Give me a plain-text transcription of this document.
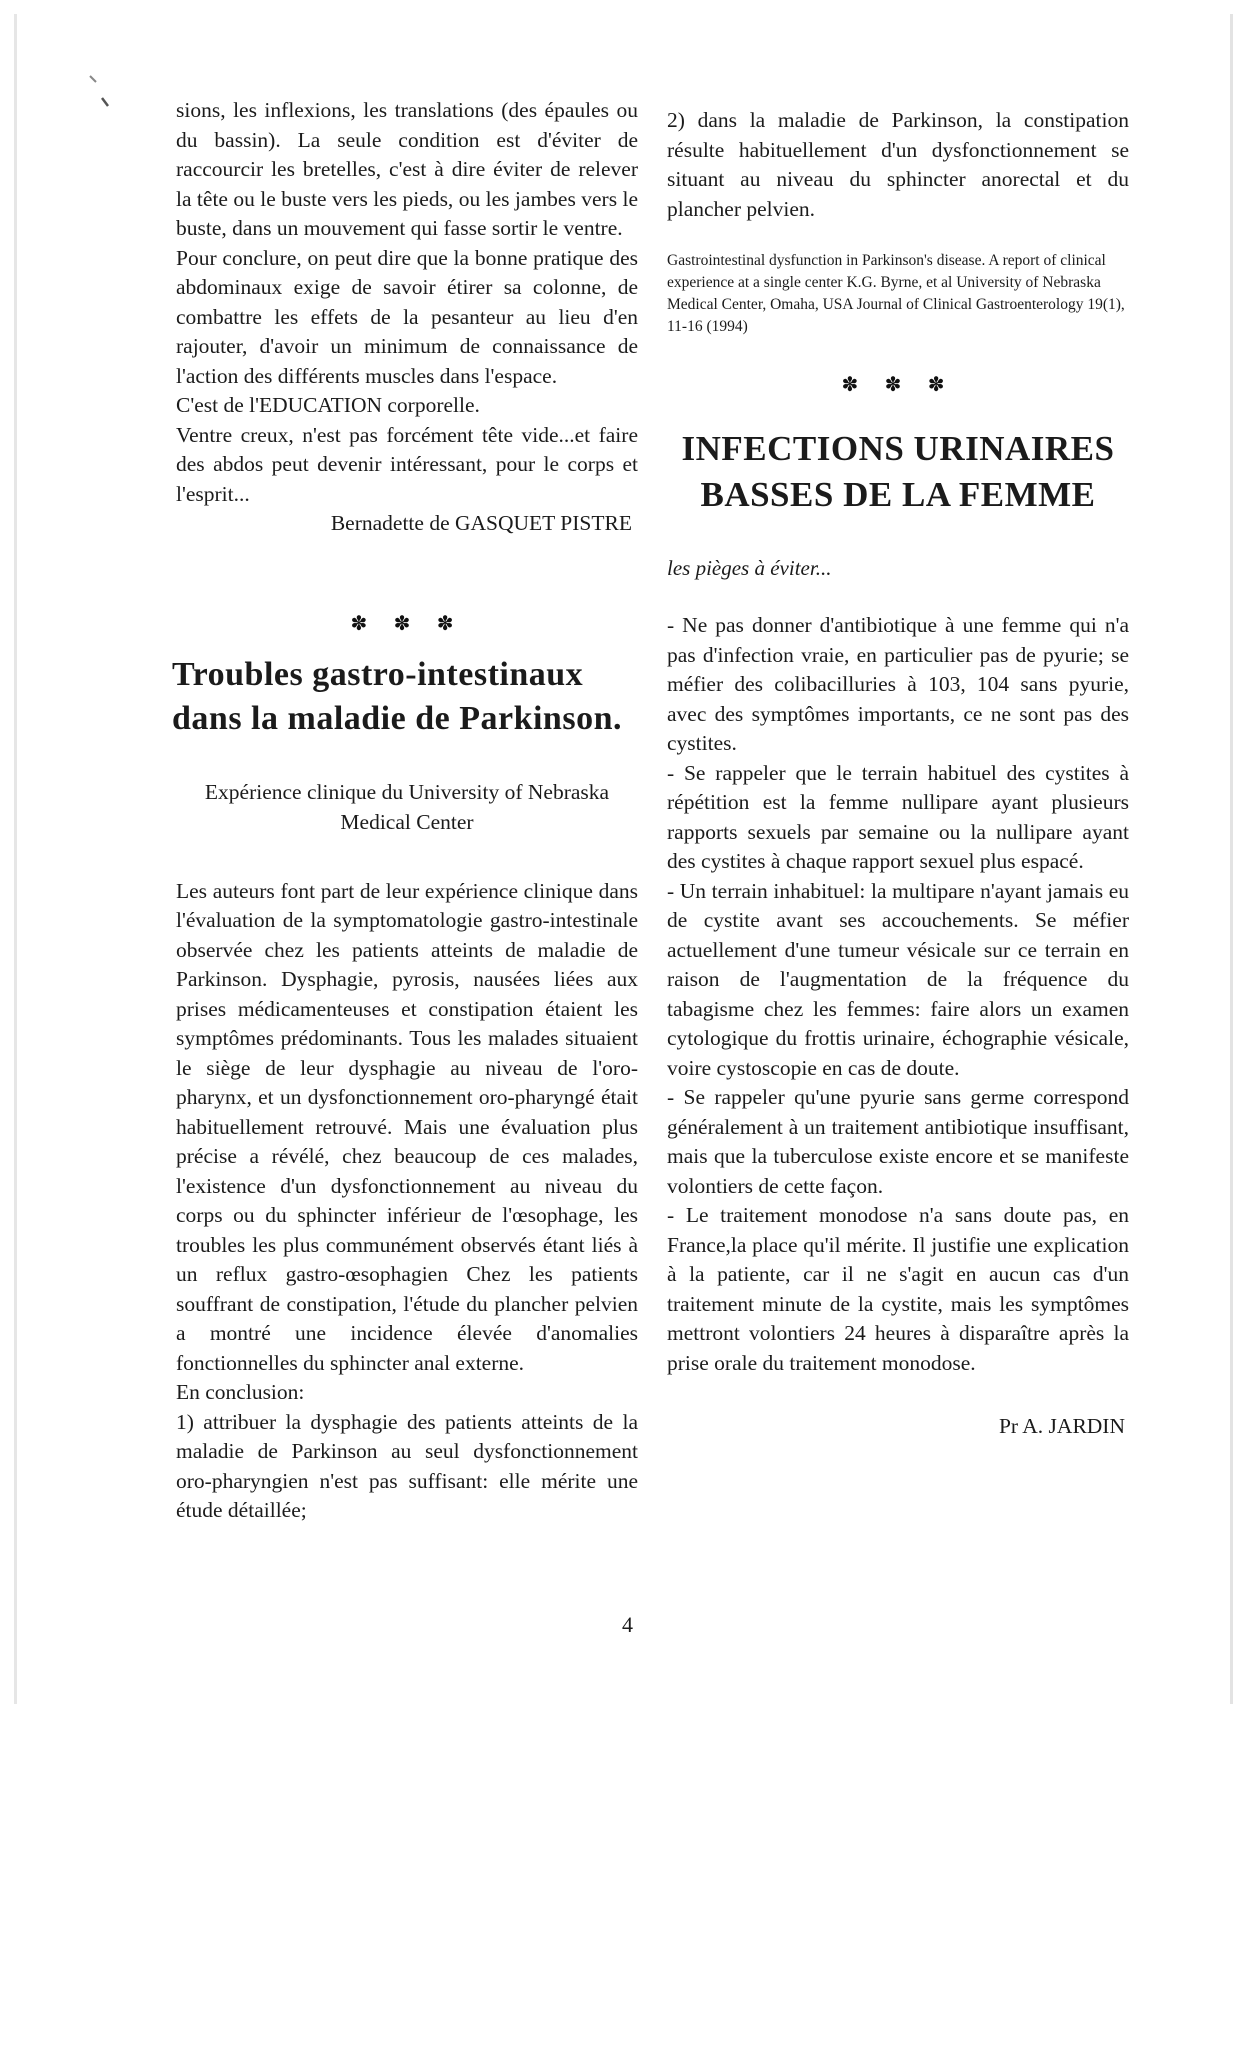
sions, les inflexions, les translations (des épaules ou du bassin). La seule condition est d'éviter de raccourcir les bretelles, c'est à dire éviter de relever la tête ou le buste vers les pieds, ou les jambes vers le buste, dans un mouvement qui fasse sortir le ventre.

Pour conclure, on peut dire que la bonne pratique des abdominaux exige de savoir étirer sa colonne, de combattre les effets de la pesanteur au lieu d'en rajouter, d'avoir un minimum de connaissance de l'action des différents muscles dans l'espace.

C'est de l'EDUCATION corporelle.

Ventre creux, n'est pas forcément tête vide...et faire des abdos peut devenir intéressant, pour le corps et l'esprit...

Bernadette de GASQUET PISTRE

✽ ✽ ✽
Troubles gastro-intestinaux dans la maladie de Parkinson.

Expérience clinique du University of Nebraska Medical Center

Les auteurs font part de leur expérience clinique dans l'évaluation de la symptomatologie gastro-intestinale observée chez les patients atteints de maladie de Parkinson. Dysphagie, pyrosis, nausées liées aux prises médicamenteuses et constipation étaient les symptômes prédominants. Tous les malades situaient le siège de leur dysphagie au niveau de l'oro-pharynx, et un dysfonctionnement oro-pharyngé était habituellement retrouvé. Mais une évaluation plus précise a révélé, chez beaucoup de ces malades, l'existence d'un dysfonctionnement au niveau du corps ou du sphincter inférieur de l'œsophage, les troubles les plus communément observés étant liés à un reflux gastro-œsophagien Chez les patients souffrant de constipation, l'étude du plancher pelvien a montré une incidence élevée d'anomalies fonctionnelles du sphincter anal externe.

En conclusion:

1) attribuer la dysphagie des patients atteints de la maladie de Parkinson au seul dysfonctionnement oro-pharyngien n'est pas suffisant: elle mérite une étude détaillée;

2) dans la maladie de Parkinson, la constipation résulte habituellement d'un dysfonctionnement se situant au niveau du sphincter anorectal et du plancher pelvien.

Gastrointestinal dysfunction in Parkinson's disease. A report of clinical experience at a single center K.G. Byrne, et al University of Nebraska Medical Center, Omaha, USA Journal of Clinical Gastroenterology 19(1), 11-16 (1994)

✽ ✽ ✽
INFECTIONS URINAIRES
BASSES DE LA FEMME

les pièges à éviter...

- Ne pas donner d'antibiotique à une femme qui n'a pas d'infection vraie, en particulier pas de pyurie; se méfier des colibacilluries à 103, 104 sans pyurie, avec des symptômes importants, ce ne sont pas des cystites.

- Se rappeler que le terrain habituel des cystites à répétition est la femme nullipare ayant plusieurs rapports sexuels par semaine ou la nullipare ayant des cystites à chaque rapport sexuel plus espacé.

- Un terrain inhabituel: la multipare n'ayant jamais eu de cystite avant ses accouchements. Se méfier actuellement d'une tumeur vésicale sur ce terrain en raison de l'augmentation de la fréquence du tabagisme chez les femmes: faire alors un examen cytologique du frottis urinaire, échographie vésicale, voire cystoscopie en cas de doute.

- Se rappeler qu'une pyurie sans germe correspond généralement à un traitement antibiotique insuffisant, mais que la tuberculose existe encore et se manifeste volontiers de cette façon.

- Le traitement monodose n'a sans doute pas, en France,la place qu'il mérite. Il justifie une explication à la patiente, car il ne s'agit en aucun cas d'un traitement minute de la cystite, mais les symptômes mettront volontiers 24 heures à disparaître après la prise orale du traitement monodose.

Pr A. JARDIN

4
